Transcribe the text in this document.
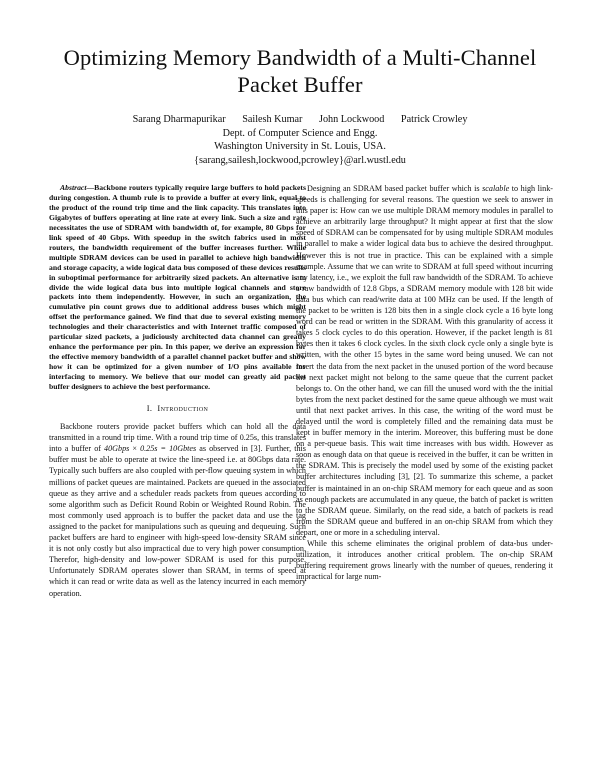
Optimizing Memory Bandwidth of a Multi-Channel Packet Buffer
Sarang Dharmapurikar Sailesh Kumar John Lockwood Patrick Crowley
Dept. of Computer Science and Engg.
Washington University in St. Louis, USA.
{sarang,sailesh,lockwood,pcrowley}@arl.wustl.edu

Abstract—Backbone routers typically require large buffers to hold packets during congestion. A thumb rule is to provide a buffer at every link, equal to the product of the round trip time and the link capacity. This translates into Gigabytes of buffers operating at line rate at every link. Such a size and rate necessitates the use of SDRAM with bandwidth of, for example, 80 Gbps for link speed of 40 Gbps. With speedup in the switch fabrics used in most routers, the bandwidth requirement of the buffer increases further. While multiple SDRAM devices can be used in parallel to achieve high bandwidth and storage capacity, a wide logical data bus composed of these devices results in suboptimal performance for arbitrarily sized packets. An alternative is to divide the wide logical data bus into multiple logical channels and store packets into them independently. However, in such an organization, the cumulative pin count grows due to additional address buses which might offset the performance gained. We find that due to several existing memory technologies and their characteristics and with Internet traffic composed of particular sized packets, a judiciously architected data channel can greatly enhance the performance per pin. In this paper, we derive an expression for the effective memory bandwidth of a parallel channel packet buffer and show how it can be optimized for a given number of I/O pins available for interfacing to memory. We believe that our model can greatly aid packet buffer designers to achieve the best performance.

I. Introduction

Backbone routers provide packet buffers which can hold all the data transmitted in a round trip time. With a round trip time of 0.25s, this translates into a buffer of 40Gbps × 0.25s = 10Gbtes as observed in [3]. Further, this buffer must be able to operate at twice the line-speed i.e. at 80Gbps data rate. Typically such buffers are also coupled with per-flow queuing system in which millions of packet queues are maintained. Packets are queued in the associated queue as they arrive and a scheduler reads packets from queues according to some algorithm such as Deficit Round Robin or Weighted Round Robin. The most commonly used approach is to buffer the packet data and use the tag assigned to the packet for manipulations such as queuing and dequeuing. Such packet buffers are hard to engineer with high-speed low-density SRAM since it is not only costly but also impractical due to very high power consumption. Therefor, high-density and low-power SDRAM is used for this purpose. Unfortunately SDRAM operates slower than SRAM, in terms of speed at which it can read or write data as well as the latency incurred in each memory operation.

Designing an SDRAM based packet buffer which is scalable to high link-speeds is challenging for several reasons. The question we seek to answer in this paper is: How can we use multiple DRAM memory modules in parallel to achieve an arbitrarily large throughput? It might appear at first that the slow speed of SDRAM can be compensated for by using multiple SDRAM modules in parallel to make a wider logical data bus to achieve the desired throughput. However this is not true in practice. This can be explained with a simple example. Assume that we can write to SDRAM at full speed without incurring any latency, i.e., we exploit the full raw bandwidth of the SDRAM. To achieve a raw bandwidth of 12.8 Gbps, a SDRAM memory module with 128 bit wide data bus which can read/write data at 100 MHz can be used. If the length of the packet to be written is 128 bits then in a single clock cycle a 16 byte long word can be read or written in the SDRAM. With this granularity of access it takes 5 clock cycles to do this operation. However, if the packet length is 81 bytes then it takes 6 clock cycles. In the sixth clock cycle only a single byte is written, with the other 15 bytes in the same word being unused. We can not insert the data from the next packet in the unused portion of the word because the next packet might not belong to the same queue that the current packet belongs to. On the other hand, we can fill the unused word with the the initial bytes from the next packet destined for the same queue although we must wait until that next packet arrives. In this case, the writing of the word must be delayed until the word is completely filled and the remaining data must be kept in buffer memory in the interim. Moreover, this buffering must be done on a per-queue basis. This wait time increases with bus width. However as soon as enough data on that queue is received in the buffer, it can be written in the SDRAM. This is precisely the model used by some of the existing packet buffer architectures including [3], [2]. To summarize this scheme, a packet buffer is maintained in an on-chip SRAM memory for each queue and as soon as enough packets are accumulated in any queue, the batch of packet is written to the SDRAM queue. Similarly, on the read side, a batch of packets is read from the SDRAM queue and buffered in an on-chip SRAM from which they depart, one or more in a scheduling interval.

While this scheme eliminates the original problem of data-bus under-utilization, it introduces another critical problem. The on-chip SRAM buffering requirement grows linearly with the number of queues, rendering it impractical for large num-
